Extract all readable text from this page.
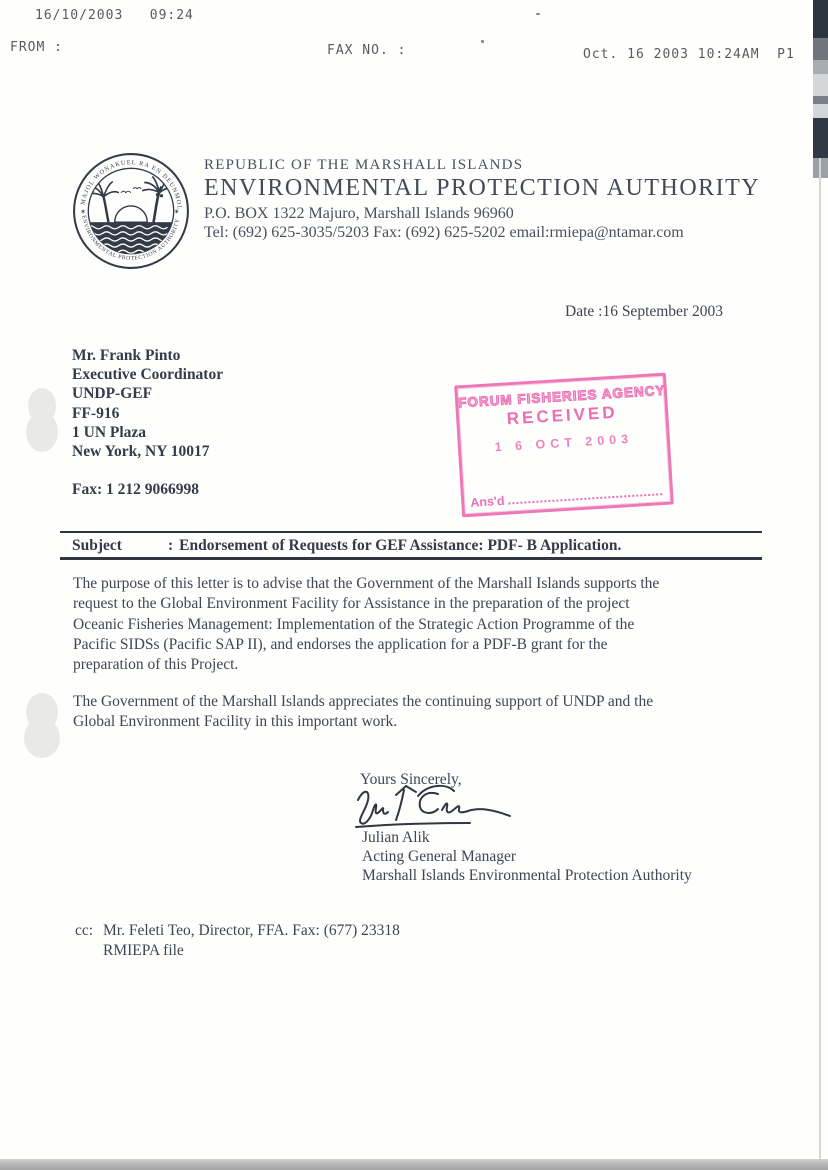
16/10/2003   09:24
FROM :	FAX NO. :	Oct. 16 2003 10:24AM  P1
MAJOL WONAKUEL RA EN DEUNMOL
ENVIRONMENTAL PROTECTION AUTHORITY
✶	✶
REPUBLIC OF THE MARSHALL ISLANDS
ENVIRONMENTAL PROTECTION AUTHORITY
P.O. BOX 1322 Majuro, Marshall Islands 96960
Tel: (692) 625-3035/5203 Fax: (692) 625-5202 email:rmiepa@ntamar.com
Date :16 September 2003
Mr. Frank Pinto
Executive Coordinator
UNDP-GEF
FF-916
1 UN Plaza
New York, NY 10017
Fax: 1 212 9066998
FORUM FISHERIES AGENCY
RECEIVED
1 6 OCT 2003
Ans'd
Subject	: Endorsement of Requests for GEF Assistance: PDF- B Application.
The purpose of this letter is to advise that the Government of the Marshall Islands supports the
request to the Global Environment Facility for Assistance in the preparation of the project
Oceanic Fisheries Management: Implementation of the Strategic Action Programme of the
Pacific SIDSs (Pacific SAP II), and endorses the application for a PDF-B grant for the
preparation of this Project.
The Government of the Marshall Islands appreciates the continuing support of UNDP and the
Global Environment Facility in this important work.
Yours Sincerely,
Julian Alik
Acting General Manager
Marshall Islands Environmental Protection Authority
cc: Mr. Feleti Teo, Director, FFA. Fax: (677) 23318
RMIEPA file
